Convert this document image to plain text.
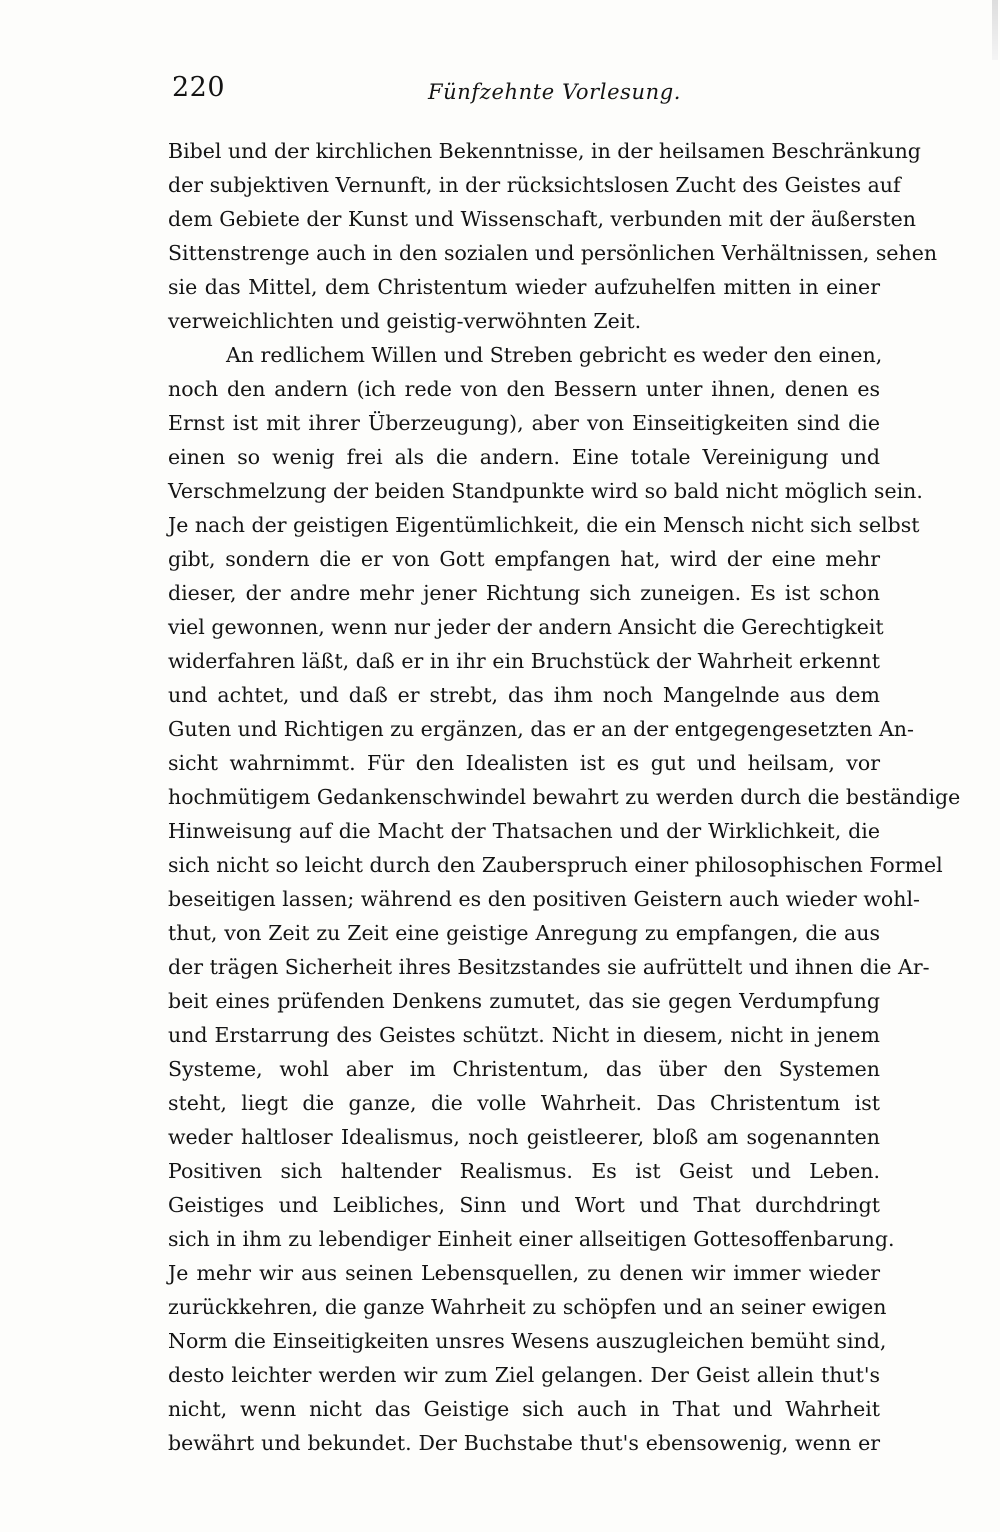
220	Fünfzehnte Vorlesung.
Bibel und der kirchlichen Bekenntnisse, in der heilsamen Beschränkung
der subjektiven Vernunft, in der rücksichtslosen Zucht des Geistes auf
dem Gebiete der Kunst und Wissenschaft, verbunden mit der äußersten
Sittenstrenge auch in den sozialen und persönlichen Verhältnissen, sehen
sie das Mittel, dem Christentum wieder aufzuhelfen mitten in einer
verweichlichten und geistig-verwöhnten Zeit.
An redlichem Willen und Streben gebricht es weder den einen,
noch den andern (ich rede von den Bessern unter ihnen, denen es
Ernst ist mit ihrer Überzeugung), aber von Einseitigkeiten sind die
einen so wenig frei als die andern. Eine totale Vereinigung und
Verschmelzung der beiden Standpunkte wird so bald nicht möglich sein.
Je nach der geistigen Eigentümlichkeit, die ein Mensch nicht sich selbst
gibt, sondern die er von Gott empfangen hat, wird der eine mehr
dieser, der andre mehr jener Richtung sich zuneigen. Es ist schon
viel gewonnen, wenn nur jeder der andern Ansicht die Gerechtigkeit
widerfahren läßt, daß er in ihr ein Bruchstück der Wahrheit erkennt
und achtet, und daß er strebt, das ihm noch Mangelnde aus dem
Guten und Richtigen zu ergänzen, das er an der entgegengesetzten An-
sicht wahrnimmt. Für den Idealisten ist es gut und heilsam, vor
hochmütigem Gedankenschwindel bewahrt zu werden durch die beständige
Hinweisung auf die Macht der Thatsachen und der Wirklichkeit, die
sich nicht so leicht durch den Zauberspruch einer philosophischen Formel
beseitigen lassen; während es den positiven Geistern auch wieder wohl-
thut, von Zeit zu Zeit eine geistige Anregung zu empfangen, die aus
der trägen Sicherheit ihres Besitzstandes sie aufrüttelt und ihnen die Ar-
beit eines prüfenden Denkens zumutet, das sie gegen Verdumpfung
und Erstarrung des Geistes schützt. Nicht in diesem, nicht in jenem
Systeme, wohl aber im Christentum, das über den Systemen
steht, liegt die ganze, die volle Wahrheit. Das Christentum ist
weder haltloser Idealismus, noch geistleerer, bloß am sogenannten
Positiven sich haltender Realismus. Es ist Geist und Leben.
Geistiges und Leibliches, Sinn und Wort und That durchdringt
sich in ihm zu lebendiger Einheit einer allseitigen Gottesoffenbarung.
Je mehr wir aus seinen Lebensquellen, zu denen wir immer wieder
zurückkehren, die ganze Wahrheit zu schöpfen und an seiner ewigen
Norm die Einseitigkeiten unsres Wesens auszugleichen bemüht sind,
desto leichter werden wir zum Ziel gelangen. Der Geist allein thut's
nicht, wenn nicht das Geistige sich auch in That und Wahrheit
bewährt und bekundet. Der Buchstabe thut's ebensowenig, wenn er
